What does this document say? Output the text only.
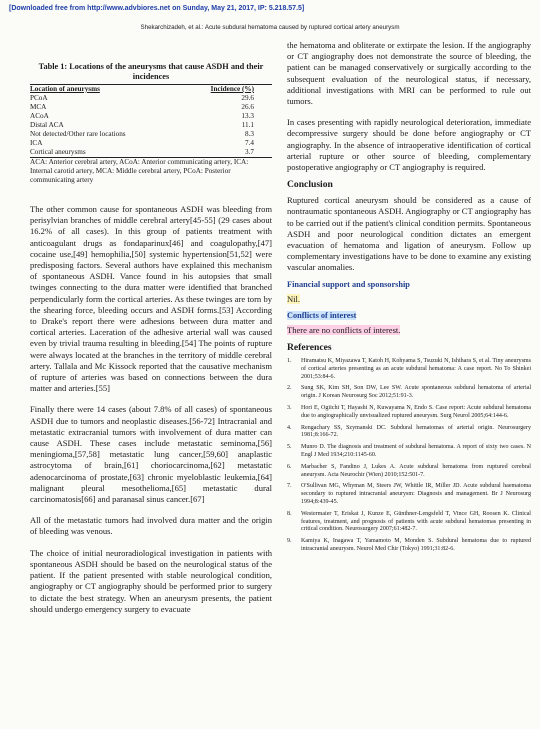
[Downloaded free from http://www.advbiores.net on Sunday, May 21, 2017, IP: 5.218.57.5]
Shekarchizadeh, et al.: Acute subdural hematoma caused by ruptured cortical artery aneurysm
Table 1: Locations of the aneurysms that cause ASDH and their incidences
Location of aneurysms	Incidence (%)
PCoA	29.6
MCA	26.6
ACoA	13.3
Distal ACA	11.1
Not detected/Other rare locations	8.3
ICA	7.4
Cortical aneurysms	3.7
ACA: Anterior cerebral artery, ACoA: Anterior communicating artery, ICA: Internal carotid artery, MCA: Middle cerebral artery, PCoA: Posterior communicating artery

The other common cause for spontaneous ASDH was bleeding from perisylvian branches of middle cerebral artery[45-55] (29 cases about 16.2% of all cases). In this group of patients treatment with anticoagulant drugs as fondaparinux[46] and coagulopathy,[47] cocaine use,[49] hemophilia,[50] systemic hypertension[51,52] were predisposing factors. Several authors have explained this mechanism of spontaneous ASDH. Vance found in his autopsies that small twinges connecting to the dura matter were identified that branched perpendicularly form the cortical arteries. As these twinges are torn by the shearing force, bleeding occurs and ASDH forms.[53] According to Drake's report there were adhesions between dura matter and cortical arteries. Laceration of the adhesive arterial wall was caused even by trivial trauma resulting in bleeding.[54] The points of rupture were always located at the branches in the territory of middle cerebral artery. Tallala and Mc Kissock reported that the causative mechanism of rupture of arteries was based on connections between the dura matter and arteries.[55]

Finally there were 14 cases (about 7.8% of all cases) of spontaneous ASDH due to tumors and neoplastic diseases.[56-72] Intracranial and metastatic extracranial tumors with involvement of dura matter can cause ASDH. These cases include metastatic seminoma,[56] meningioma,[57,58] metastatic lung cancer,[59,60] anaplastic astrocytoma of brain,[61] choriocarcinoma,[62] metastatic adenocarcinoma of prostate,[63] chronic myeloblastic leukemia,[64] malignant pleural mesothelioma,[65] metastatic dural carcinomatosis[66] and paranasal sinus cancer.[67]

All of the metastatic tumors had involved dura matter and the origin of bleeding was venous.

The choice of initial neuroradiological investigation in patients with spontaneous ASDH should be based on the neurological status of the patient. If the patient presented with stable neurological condition, angiography or CT angiography should be performed prior to surgery to dictate the best strategy. When an aneurysm presents, the patient should undergo emergency surgery to evacuate

the hematoma and obliterate or extirpate the lesion. If the angiography or CT angiography does not demonstrate the source of bleeding, the patient can be managed conservatively or surgically according to the subsequent evaluation of the neurological status, if necessary, additional investigations with MRI can be performed to rule out tumors.

In cases presenting with rapidly neurological deterioration, immediate decompressive surgery should be done before angiography or CT angiography. In the absence of intraoperative identification of cortical arterial rupture or other source of bleeding, complementary postoperative angiography or CT angiography is required.

Conclusion

Ruptured cortical aneurysm should be considered as a cause of nontraumatic spontaneous ASDH. Angiography or CT angiography has to be carried out if the patient's clinical condition permits. Spontaneous ASDH and poor neurological condition dictates an emergent evacuation of hematoma and ligation of aneurysm. Follow up complementary investigations have to be done to examine any existing vascular anomalies.

Financial support and sponsorship

Nil.

Conflicts of interest

There are no conflicts of interest.

References
1. Hiramatsu K, Miyazawa T, Katoh H, Kohyama S, Tsuzuki N, Ishihara S, et al. Tiny aneurysms of cortical arteries presenting as an acute subdural hematoma: A case report. No To Shinkei 2001;53:84-6.
2. Sung SK, Kim SH, Son DW, Lee SW. Acute spontaneous subdural hematoma of arterial origin. J Korean Neurosurg Soc 2012;51:91-3.
3. Hori E, Ogiichi T, Hayashi N, Kuwayama N, Endo S. Case report: Acute subdural hematoma due to angiographically unvisualized ruptured aneurysm. Surg Neurol 2005;64:144-6.
4. Rengachary SS, Szymanski DC. Subdural hematomas of arterial origin. Neurosurgery 1981;8:166-72.
5. Munro D. The diagnosis and treatment of subdural hematoma. A report of sixty two cases. N Engl J Med 1934;210:1145-60.
6. Marbacher S, Fandino J, Lukes A. Acute subdural hematoma from ruptured cerebral aneurysm. Acta Neurochir (Wien) 2010;152:501-7.
7. O'Sullivan MG, Whyman M, Steers JW, Whittle IR, Miller JD. Acute subdural haematoma secondary to ruptured intracranial aneurysm: Diagnosis and management. Br J Neurosurg 1994;8:439-45.
8. Westermaier T, Eriskat J, Kunze E, Günthner-Lengsfeld T, Vince GH, Roosen K. Clinical features, treatment, and prognosis of patients with acute subdural hematomas presenting in critical condition. Neurosurgery 2007;61:482-7.
9. Kamiya K, Inagawa T, Yamamoto M, Monden S. Subdural hematoma due to ruptured intracranial aneurysm. Neurol Med Chir (Tokyo) 1991;31:82-6.
